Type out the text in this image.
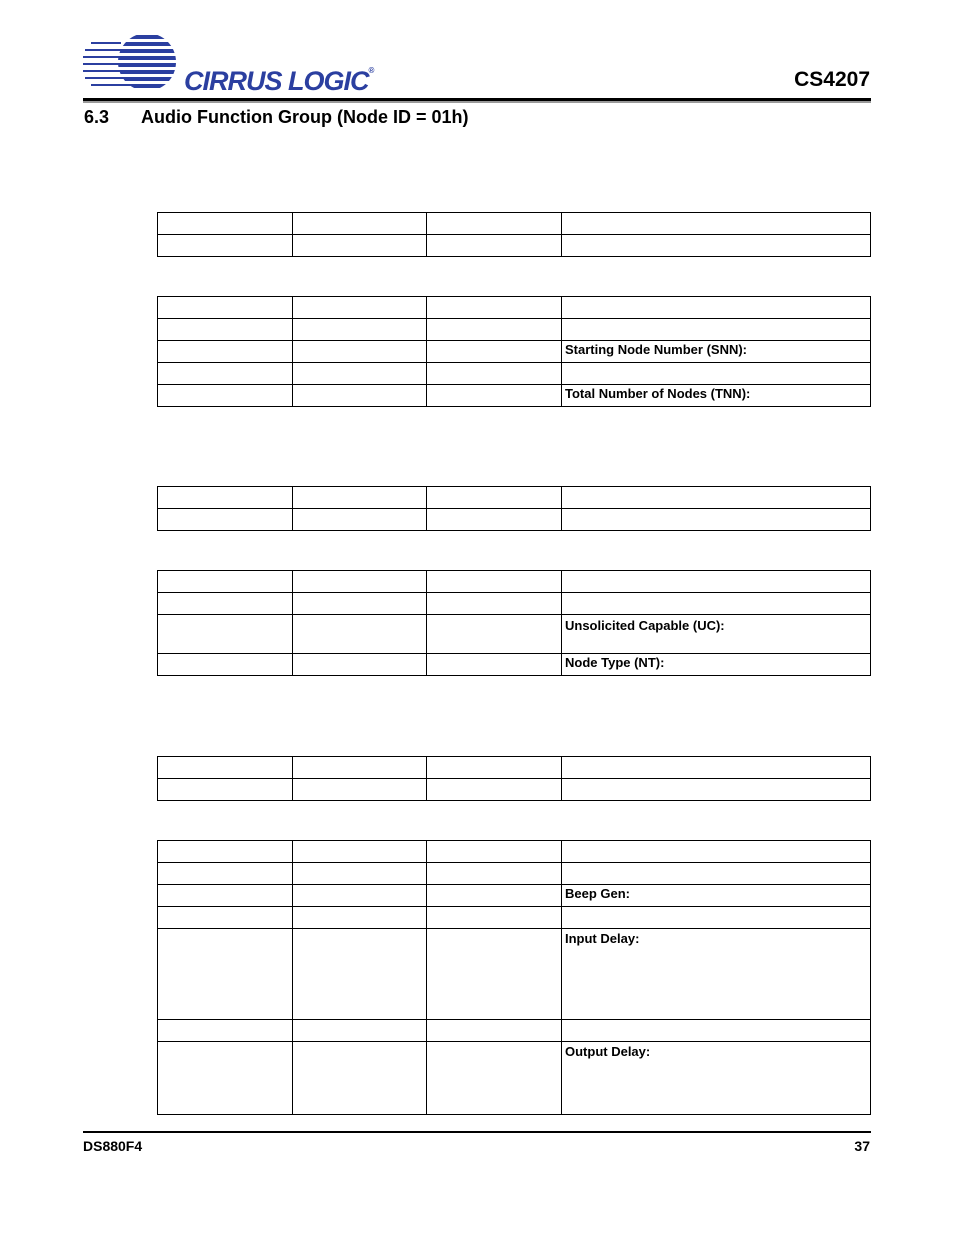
CIRRUS LOGIC®	CS4207
6.3 Audio Function Group (Node ID = 01h)

			Starting Node Number (SNN):

			Total Number of Nodes (TNN):

			Unsolicited Capable (UC):
			Node Type (NT):

			Beep Gen:

			Input Delay:

			Output Delay:
DS880F4	37
